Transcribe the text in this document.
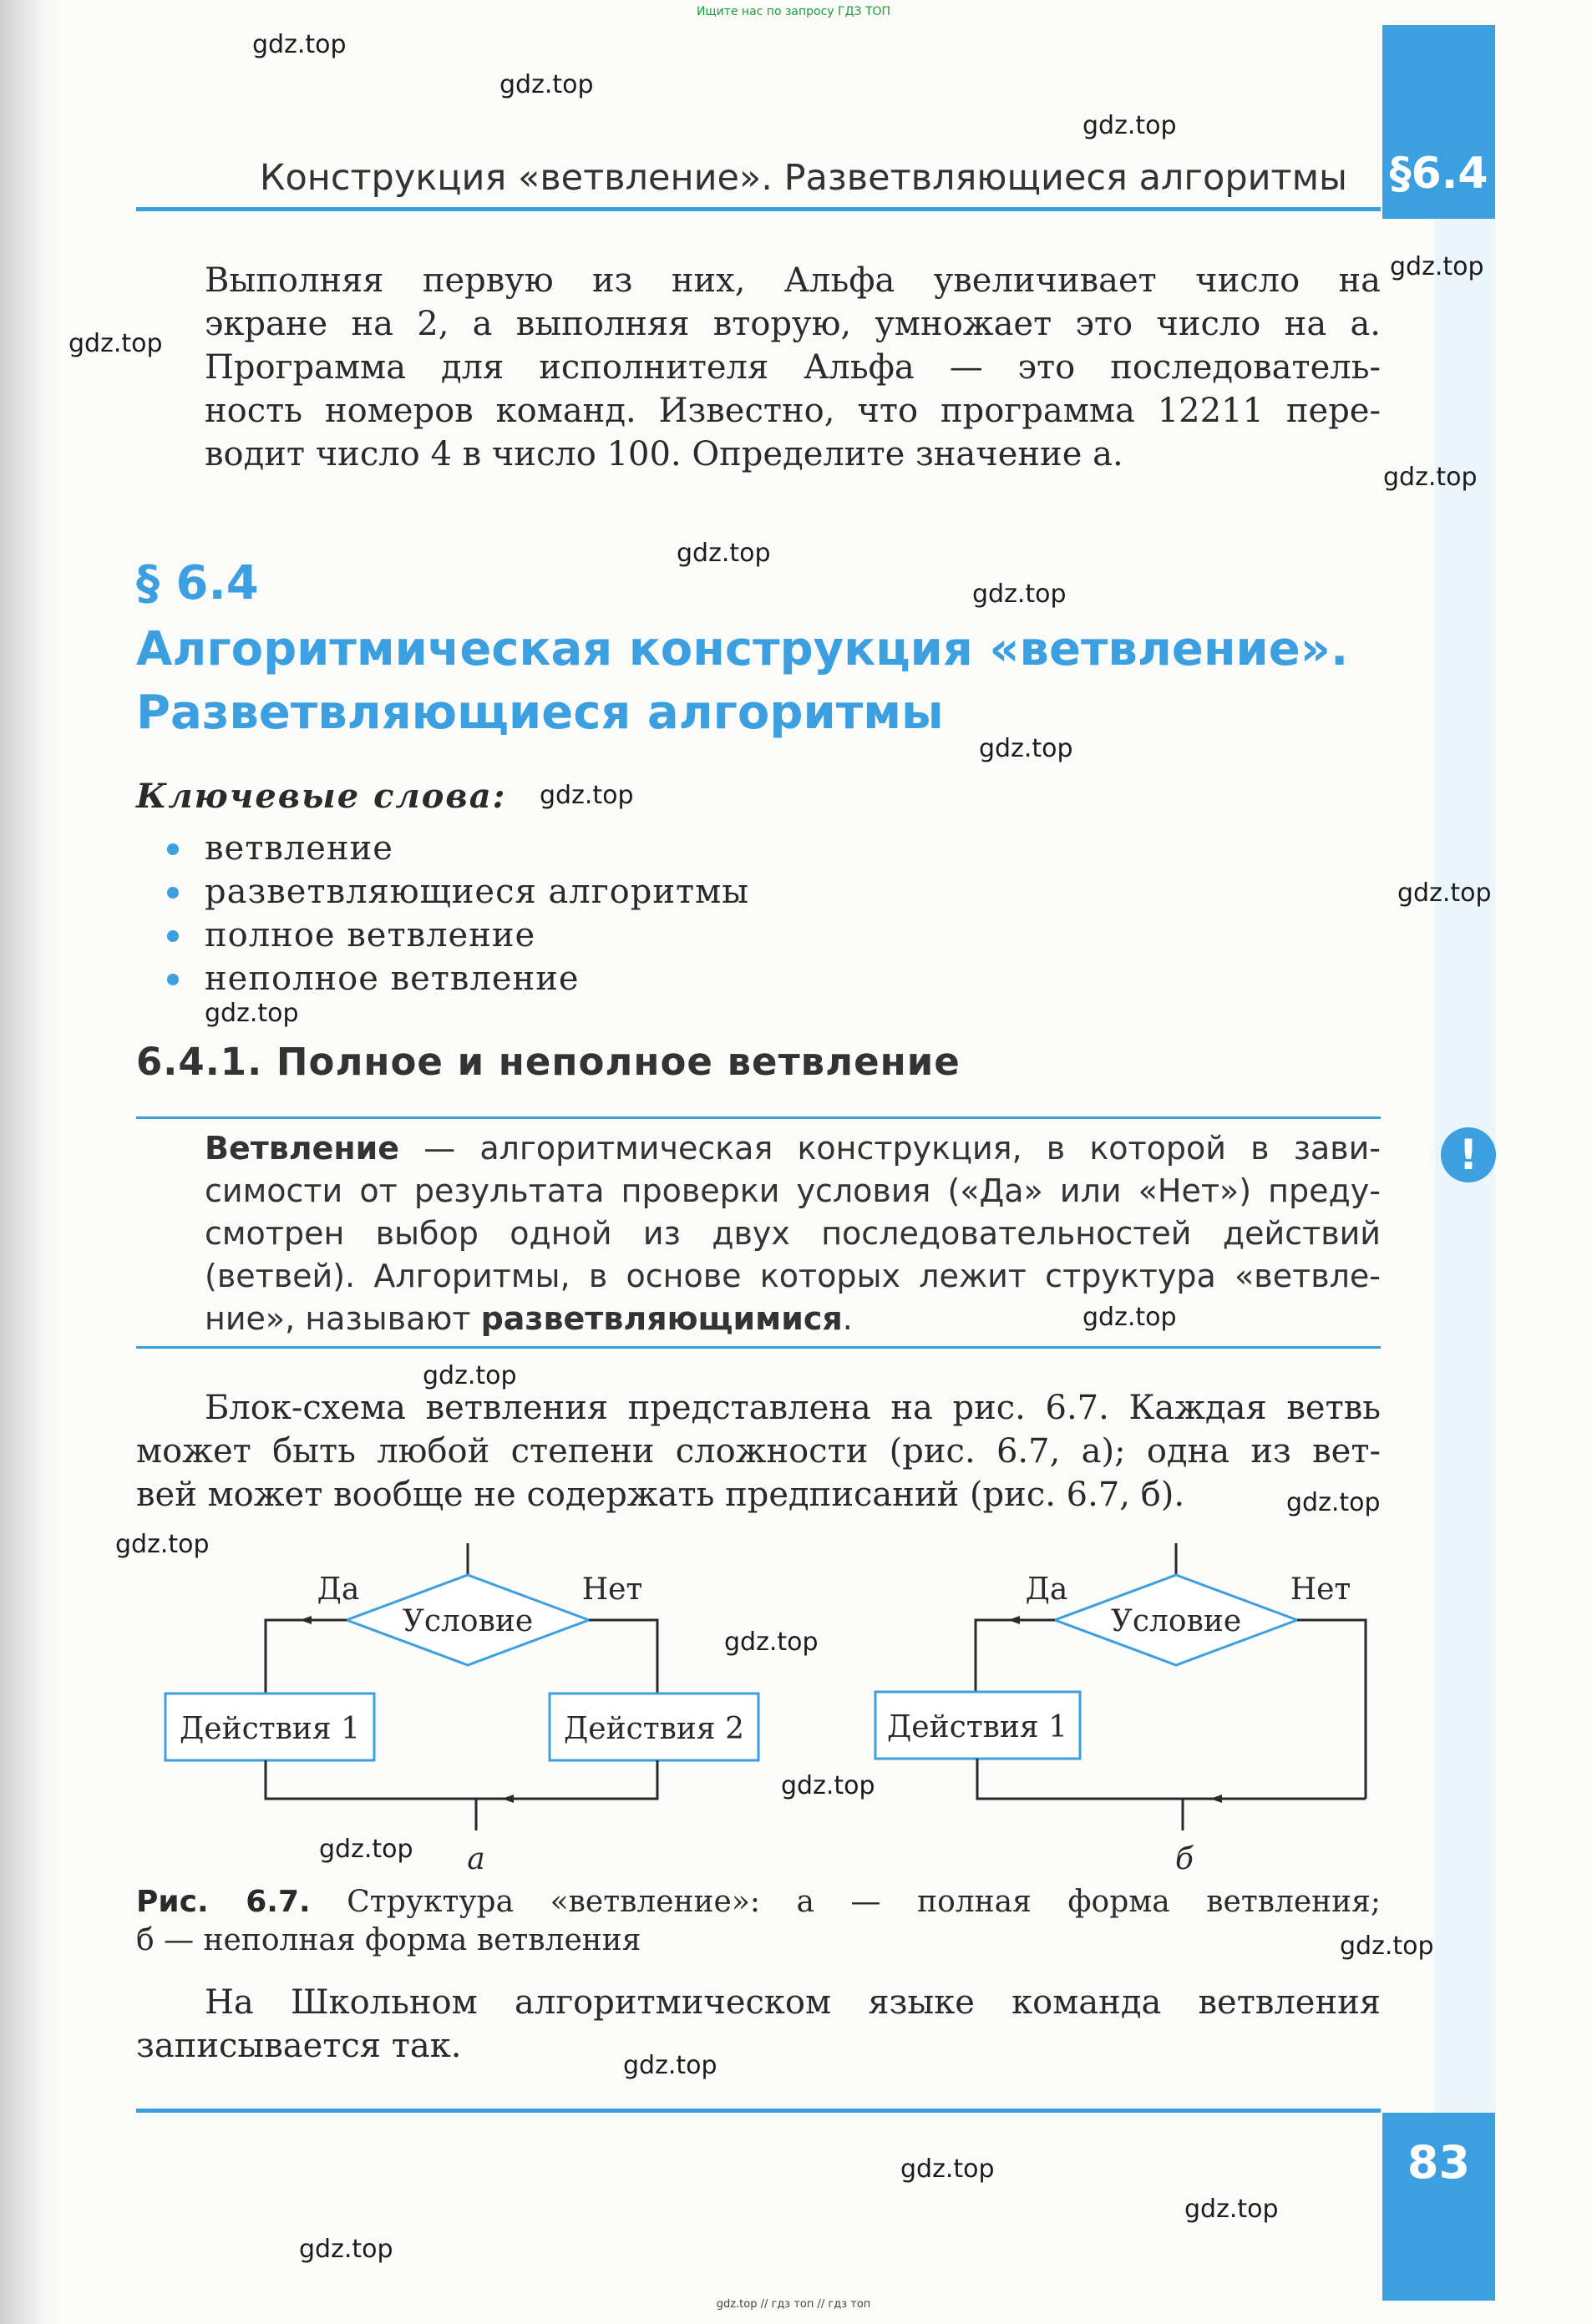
Ищите нас по запросу ГДЗ ТОП
§6.4
83
Конструкция «ветвление». Разветвляющиеся алгоритмы
Выполняя первую из них, Альфа увеличивает число на
экране на 2, а выполняя вторую, умножает это число на а.
Программа для исполнителя Альфа — это последователь-
ность номеров команд. Известно, что программа 12211 пере-
водит число 4 в число 100. Определите значение а.
§ 6.4
Алгоритмическая конструкция «ветвление».
Разветвляющиеся алгоритмы
Ключевые слова:
ветвление
разветвляющиеся алгоритмы
полное ветвление
неполное ветвление
6.4.1. Полное и неполное ветвление
Ветвление — алгоритмическая конструкция, в которой в зави-
симости от результата проверки условия («Да» или «Нет») преду-
смотрен выбор одной из двух последовательностей действий
(ветвей). Алгоритмы, в основе которых лежит структура «ветвле-
ние», называют разветвляющимися.
!
Блок-схема ветвления представлена на рис. 6.7. Каждая ветвь
может быть любой степени сложности (рис. 6.7, а); одна из вет-
вей может вообще не содержать предписаний (рис. 6.7, б).
Условие
Да	Нет
Действия 1	Действия 2
а
Условие
Да	Нет
Действия 1
б
Рис. 6.7. Структура «ветвление»: а — полная форма ветвления;
б — неполная форма ветвления
На Школьном алгоритмическом языке команда ветвления
записывается так.
gdz.top
gdz.top
gdz.top
gdz.top
gdz.top
gdz.top
gdz.top
gdz.top
gdz.top
gdz.top
gdz.top
gdz.top
gdz.top
gdz.top
gdz.top
gdz.top
gdz.top
gdz.top
gdz.top
gdz.top
gdz.top
gdz.top
gdz.top
gdz.top
gdz.top // гдз топ // гдз топ
